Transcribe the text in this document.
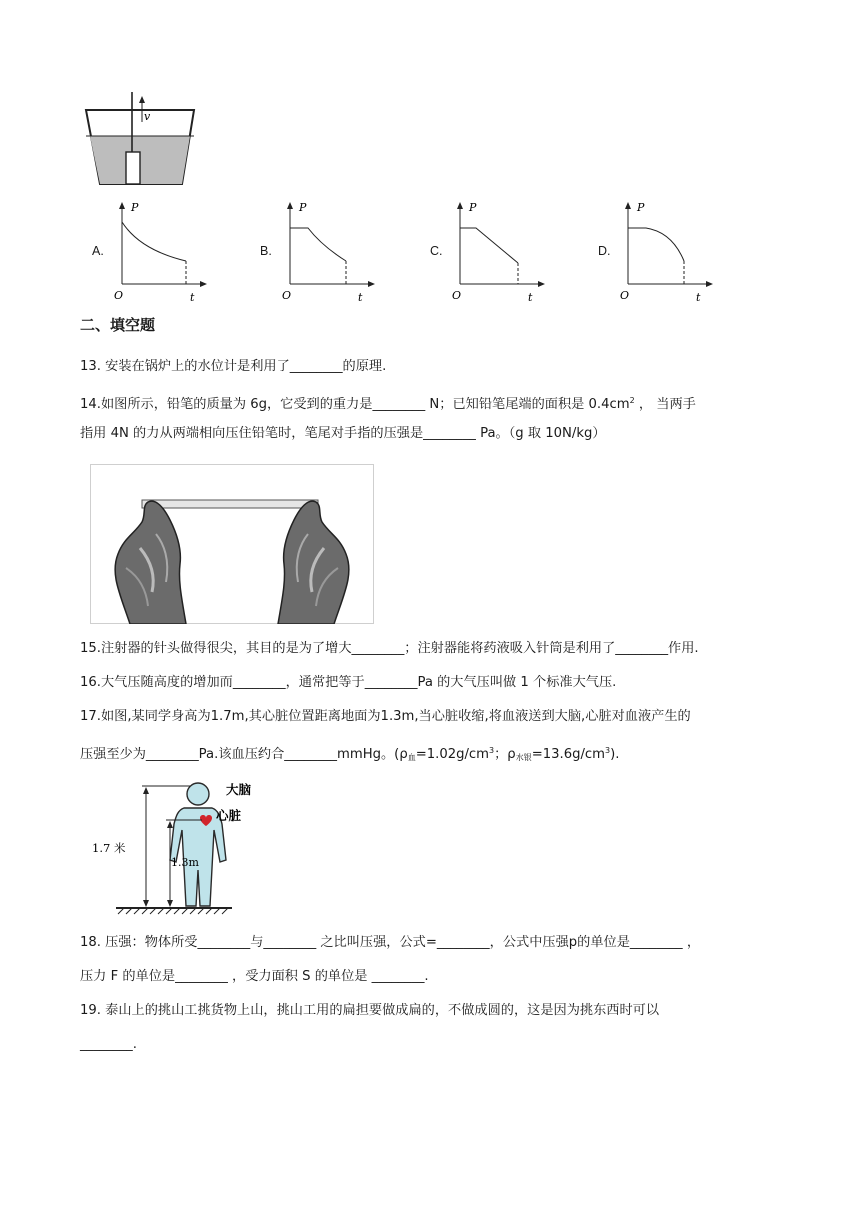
v
A.
P
O	t
B.
P
O	t
C.
P
O	t
D.
P
O	t
二、填空题
13. 安装在锅炉上的水位计是利用了________的原理.
14.如图所示，铅笔的质量为 6g，它受到的重力是________ N；已知铅笔尾端的面积是 $0.4cm^2$ ， 当两手
指用 4N 的力从两端相向压住铅笔时，笔尾对手指的压强是________ Pa。（g 取 10N/kg）
15.注射器的针头做得很尖，其目的是为了增大________；注射器能将药液吸入针筒是利用了________作用.
16.大气压随高度的增加而________，通常把等于________Pa 的大气压叫做 1 个标准大气压.
17.如图,某同学身高为1.7m,其心脏位置距离地面为1.3m,当心脏收缩,将血液送到大脑,心脏对血液产生的
压强至少为________Pa.该血压约合________mmHg。($\rho_血=1.02g/cm^3$；$\rho_{水银}=13.6g/cm^3$).
大脑
心脏
1.7 米
1.3m
18. 压强：物体所受________与________ 之比叫压强，公式=________，公式中压强p的单位是________ ，
压力 F 的单位是________ ，受力面积 S 的单位是 ________.
19. 泰山上的挑山工挑货物上山，挑山工用的扁担要做成扁的，不做成圆的，这是因为挑东西时可以
________.
